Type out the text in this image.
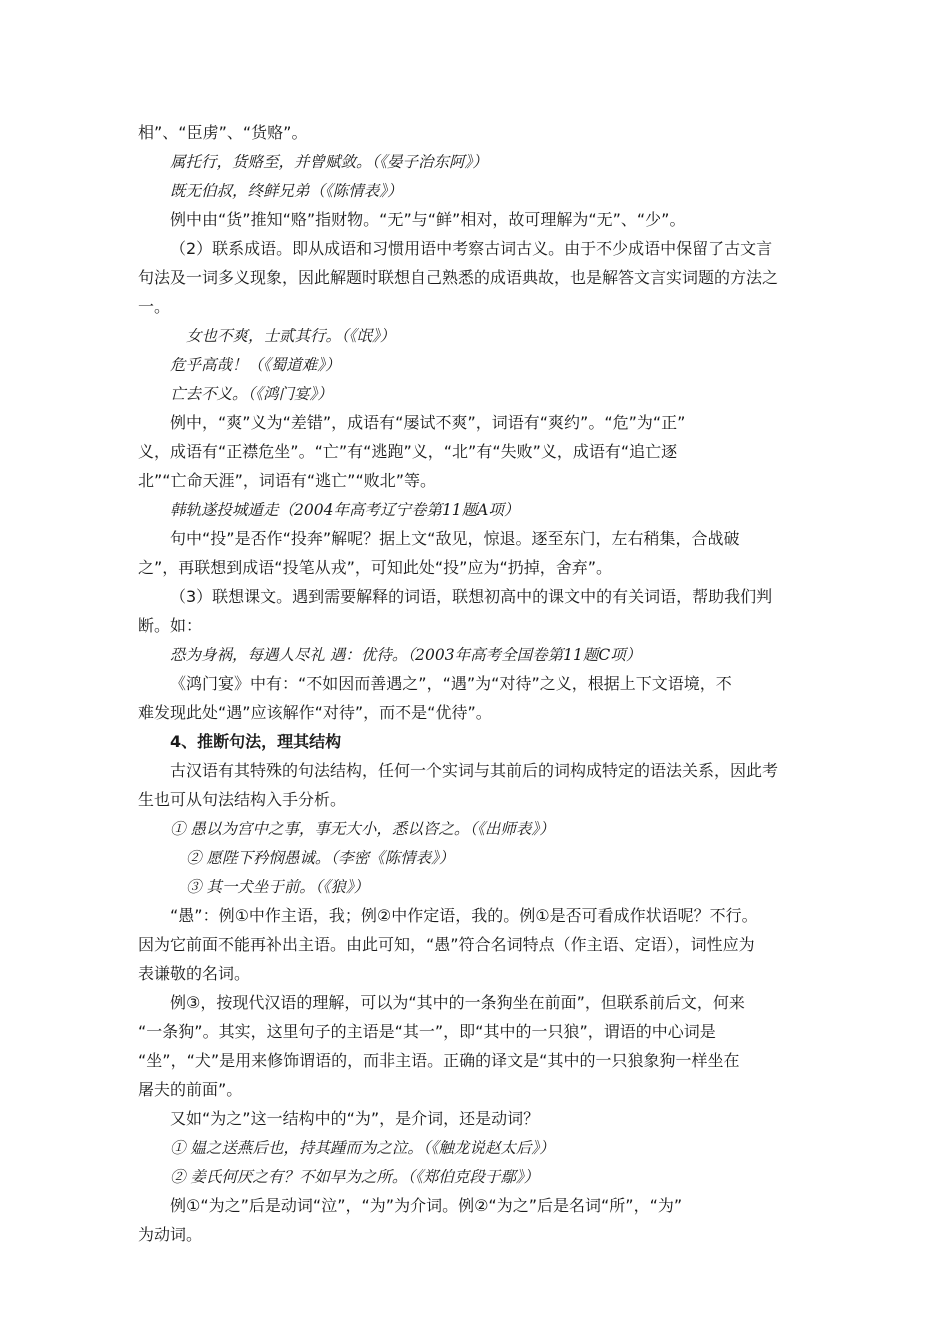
相”、“臣虏”、“货赂”。
属托行，货赂至，并曾赋敛。（《晏子治东阿》）
既无伯叔，终鲜兄弟（《陈情表》）
例中由“货”推知“赂”指财物。“无”与“鲜”相对，故可理解为“无”、“少”。
（2）联系成语。即从成语和习惯用语中考察古词古义。由于不少成语中保留了古文言
句法及一词多义现象，因此解题时联想自己熟悉的成语典故，也是解答文言实词题的方法之
一。
女也不爽，士贰其行。（《氓》）
危乎高哉！（《蜀道难》）
亡去不义。（《鸿门宴》）
例中，“爽”义为“差错”，成语有“屡试不爽”，词语有“爽约”。“危”为“正”
义，成语有“正襟危坐”。“亡”有“逃跑”义，“北”有“失败”义，成语有“追亡逐
北”“亡命天涯”，词语有“逃亡”“败北”等。
韩轨遂投城遁走（2004年高考辽宁卷第11题A项）
句中“投”是否作“投奔”解呢？据上文“敌见，惊退。逐至东门，左右稍集，合战破
之”，再联想到成语“投笔从戎”，可知此处“投”应为“扔掉，舍弃”。
（3）联想课文。遇到需要解释的词语，联想初高中的课文中的有关词语，帮助我们判
断。如：
恐为身祸，每遇人尽礼 遇：优待。（2003年高考全国卷第11题C项）
《鸿门宴》中有：“不如因而善遇之”，“遇”为“对待”之义，根据上下文语境，不
难发现此处“遇”应该解作“对待”，而不是“优待”。
4、推断句法，理其结构
古汉语有其特殊的句法结构，任何一个实词与其前后的词构成特定的语法关系，因此考
生也可从句法结构入手分析。
① 愚以为宫中之事，事无大小，悉以咨之。（《出师表》）
② 愿陛下矜悯愚诚。（李密《陈情表》）
③ 其一犬坐于前。（《狼》）
“愚”：例①中作主语，我；例②中作定语，我的。例①是否可看成作状语呢？不行。
因为它前面不能再补出主语。由此可知，“愚”符合名词特点（作主语、定语），词性应为
表谦敬的名词。
例③，按现代汉语的理解，可以为“其中的一条狗坐在前面”，但联系前后文，何来
“一条狗”。其实，这里句子的主语是“其一”，即“其中的一只狼”，谓语的中心词是
“坐”，“犬”是用来修饰谓语的，而非主语。正确的译文是“其中的一只狼象狗一样坐在
屠夫的前面”。
又如“为之”这一结构中的“为”，是介词，还是动词？
① 媪之送燕后也，持其踵而为之泣。（《触龙说赵太后》）
② 姜氏何厌之有？不如早为之所。（《郑伯克段于鄢》）
例①“为之”后是动词“泣”，“为”为介词。例②“为之”后是名词“所”，“为”
为动词。
